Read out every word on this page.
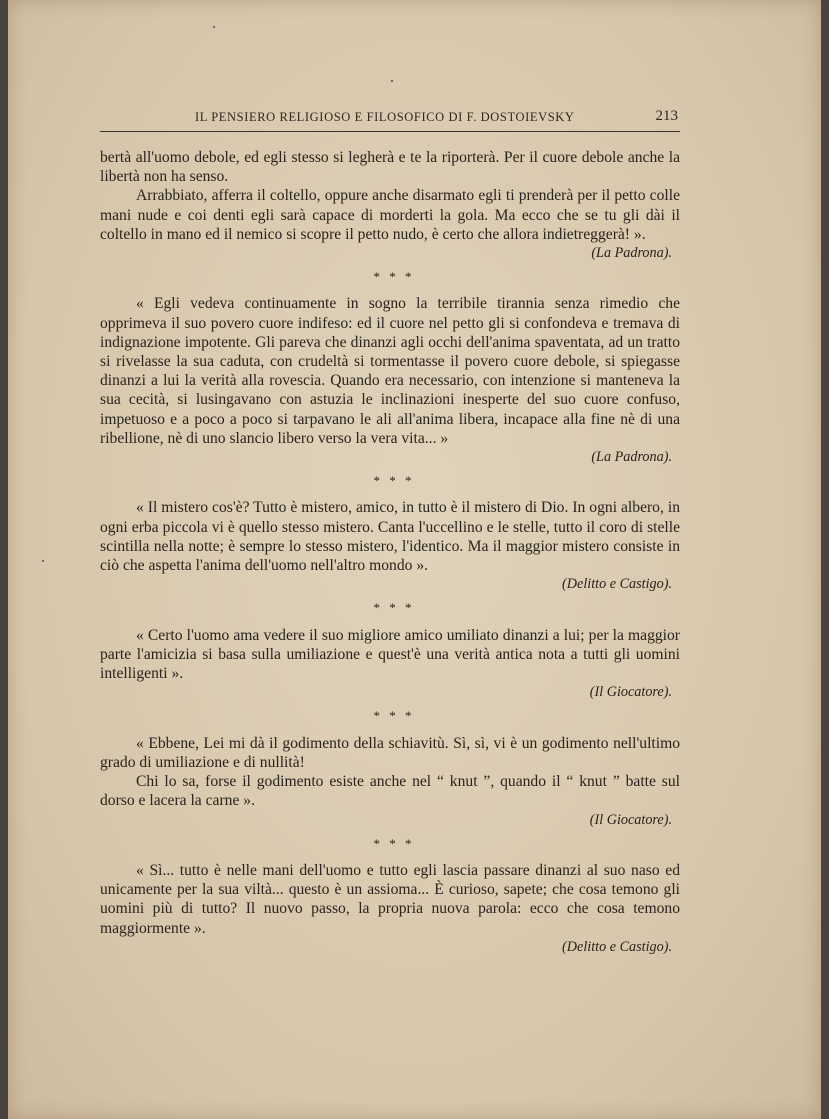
IL PENSIERO RELIGIOSO E FILOSOFICO DI F. DOSTOIEVSKY	213
bertà all'uomo debole, ed egli stesso si legherà e te la riporterà. Per il cuore debole anche la libertà non ha senso.
Arrabbiato, afferra il coltello, oppure anche disarmato egli ti prenderà per il petto colle mani nude e coi denti egli sarà capace di morderti la gola. Ma ecco che se tu gli dài il coltello in mano ed il nemico si scopre il petto nudo, è certo che allora indietreggerà! ».
(La Padrona).
* * *
« Egli vedeva continuamente in sogno la terribile tirannia senza rimedio che opprimeva il suo povero cuore indifeso: ed il cuore nel petto gli si confondeva e tremava di indignazione impotente. Gli pareva che dinanzi agli occhi dell'anima spaventata, ad un tratto si rivelasse la sua caduta, con crudeltà si tormentasse il povero cuore debole, si spiegasse dinanzi a lui la verità alla rovescia. Quando era necessario, con intenzione si manteneva la sua cecità, si lusingavano con astuzia le inclinazioni inesperte del suo cuore confuso, impetuoso e a poco a poco si tarpavano le ali all'anima libera, incapace alla fine nè di una ribellione, nè di uno slancio libero verso la vera vita... »
(La Padrona).
* * *
« Il mistero cos'è? Tutto è mistero, amico, in tutto è il mistero di Dio. In ogni albero, in ogni erba piccola vi è quello stesso mistero. Canta l'uccellino e le stelle, tutto il coro di stelle scintilla nella notte; è sempre lo stesso mistero, l'identico. Ma il maggior mistero consiste in ciò che aspetta l'anima dell'uomo nell'altro mondo ».
(Delitto e Castigo).
* * *
« Certo l'uomo ama vedere il suo migliore amico umiliato dinanzi a lui; per la maggior parte l'amicizia si basa sulla umiliazione e quest'è una verità antica nota a tutti gli uomini intelligenti ».
(Il Giocatore).
* * *
« Ebbene, Lei mi dà il godimento della schiavitù. Sì, sì, vi è un godimento nell'ultimo grado di umiliazione e di nullità!
Chi lo sa, forse il godimento esiste anche nel “ knut ”, quando il “ knut ” batte sul dorso e lacera la carne ».
(Il Giocatore).
* * *
« Sì... tutto è nelle mani dell'uomo e tutto egli lascia passare dinanzi al suo naso ed unicamente per la sua viltà... questo è un assioma... È curioso, sapete; che cosa temono gli uomini più di tutto? Il nuovo passo, la propria nuova parola: ecco che cosa temono maggiormente ».
(Delitto e Castigo).
